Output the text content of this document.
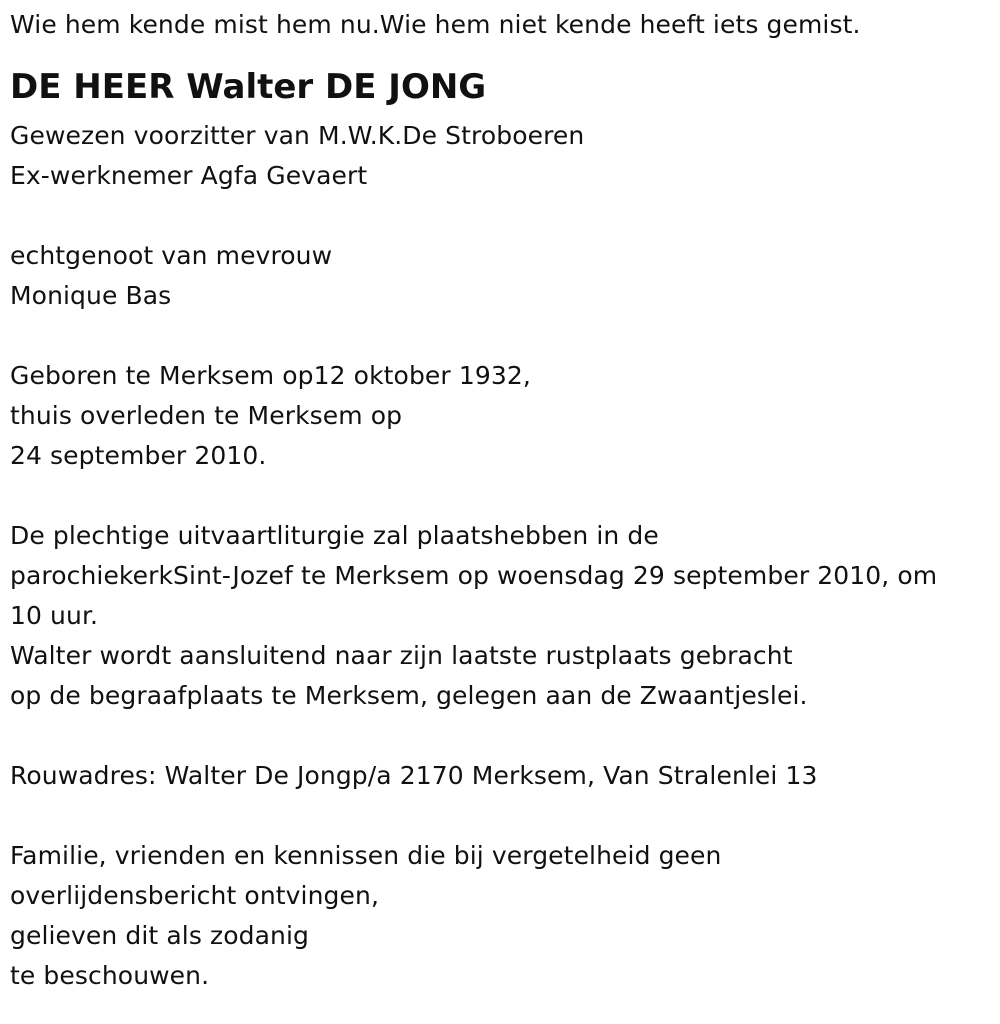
Wie hem kende mist hem nu.Wie hem niet kende heeft iets gemist.
DE HEER Walter DE JONG
Gewezen voorzitter van M.W.K.De Stroboeren
Ex-werknemer Agfa Gevaert
echtgenoot van mevrouw
Monique Bas
Geboren te Merksem op12 oktober 1932,
thuis overleden te Merksem op
24 september 2010.
De plechtige uitvaartliturgie zal plaatshebben in de
parochiekerkSint-Jozef te Merksem op woensdag 29 september 2010, om
10 uur.
Walter wordt aansluitend naar zijn laatste rustplaats gebracht
op de begraafplaats te Merksem, gelegen aan de Zwaantjeslei.
Rouwadres: Walter De Jongp/a 2170 Merksem, Van Stralenlei 13
Familie, vrienden en kennissen die bij vergetelheid geen
overlijdensbericht ontvingen,
gelieven dit als zodanig
te beschouwen.
